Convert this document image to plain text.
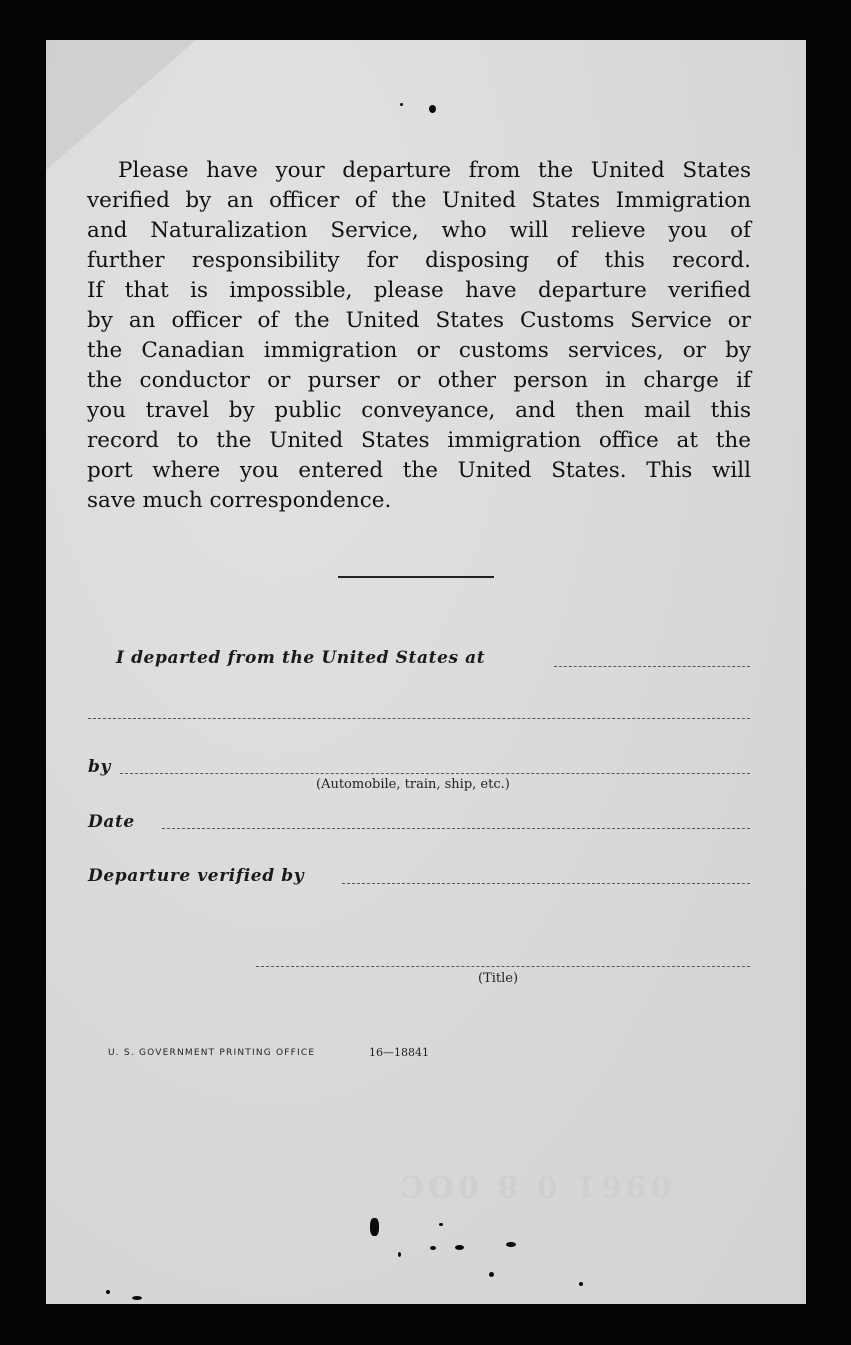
Please have your departure from the United States
verified by an officer of the United States Immigration
and Naturalization Service, who will relieve you of
further responsibility for disposing of this record.
If that is impossible, please have departure verified
by an officer of the United States Customs Service or
the Canadian immigration or customs services, or by
the conductor or purser or other person in charge if
you travel by public conveyance, and then mail this
record to the United States immigration office at the
port where you entered the United States. This will
save much correspondence.
I departed from the United States at
by
(Automobile, train, ship, etc.)
Date
Departure verified by
(Title)
U. S. GOVERNMENT PRINTING OFFICE	16—18841
0961 0 8 0OC
